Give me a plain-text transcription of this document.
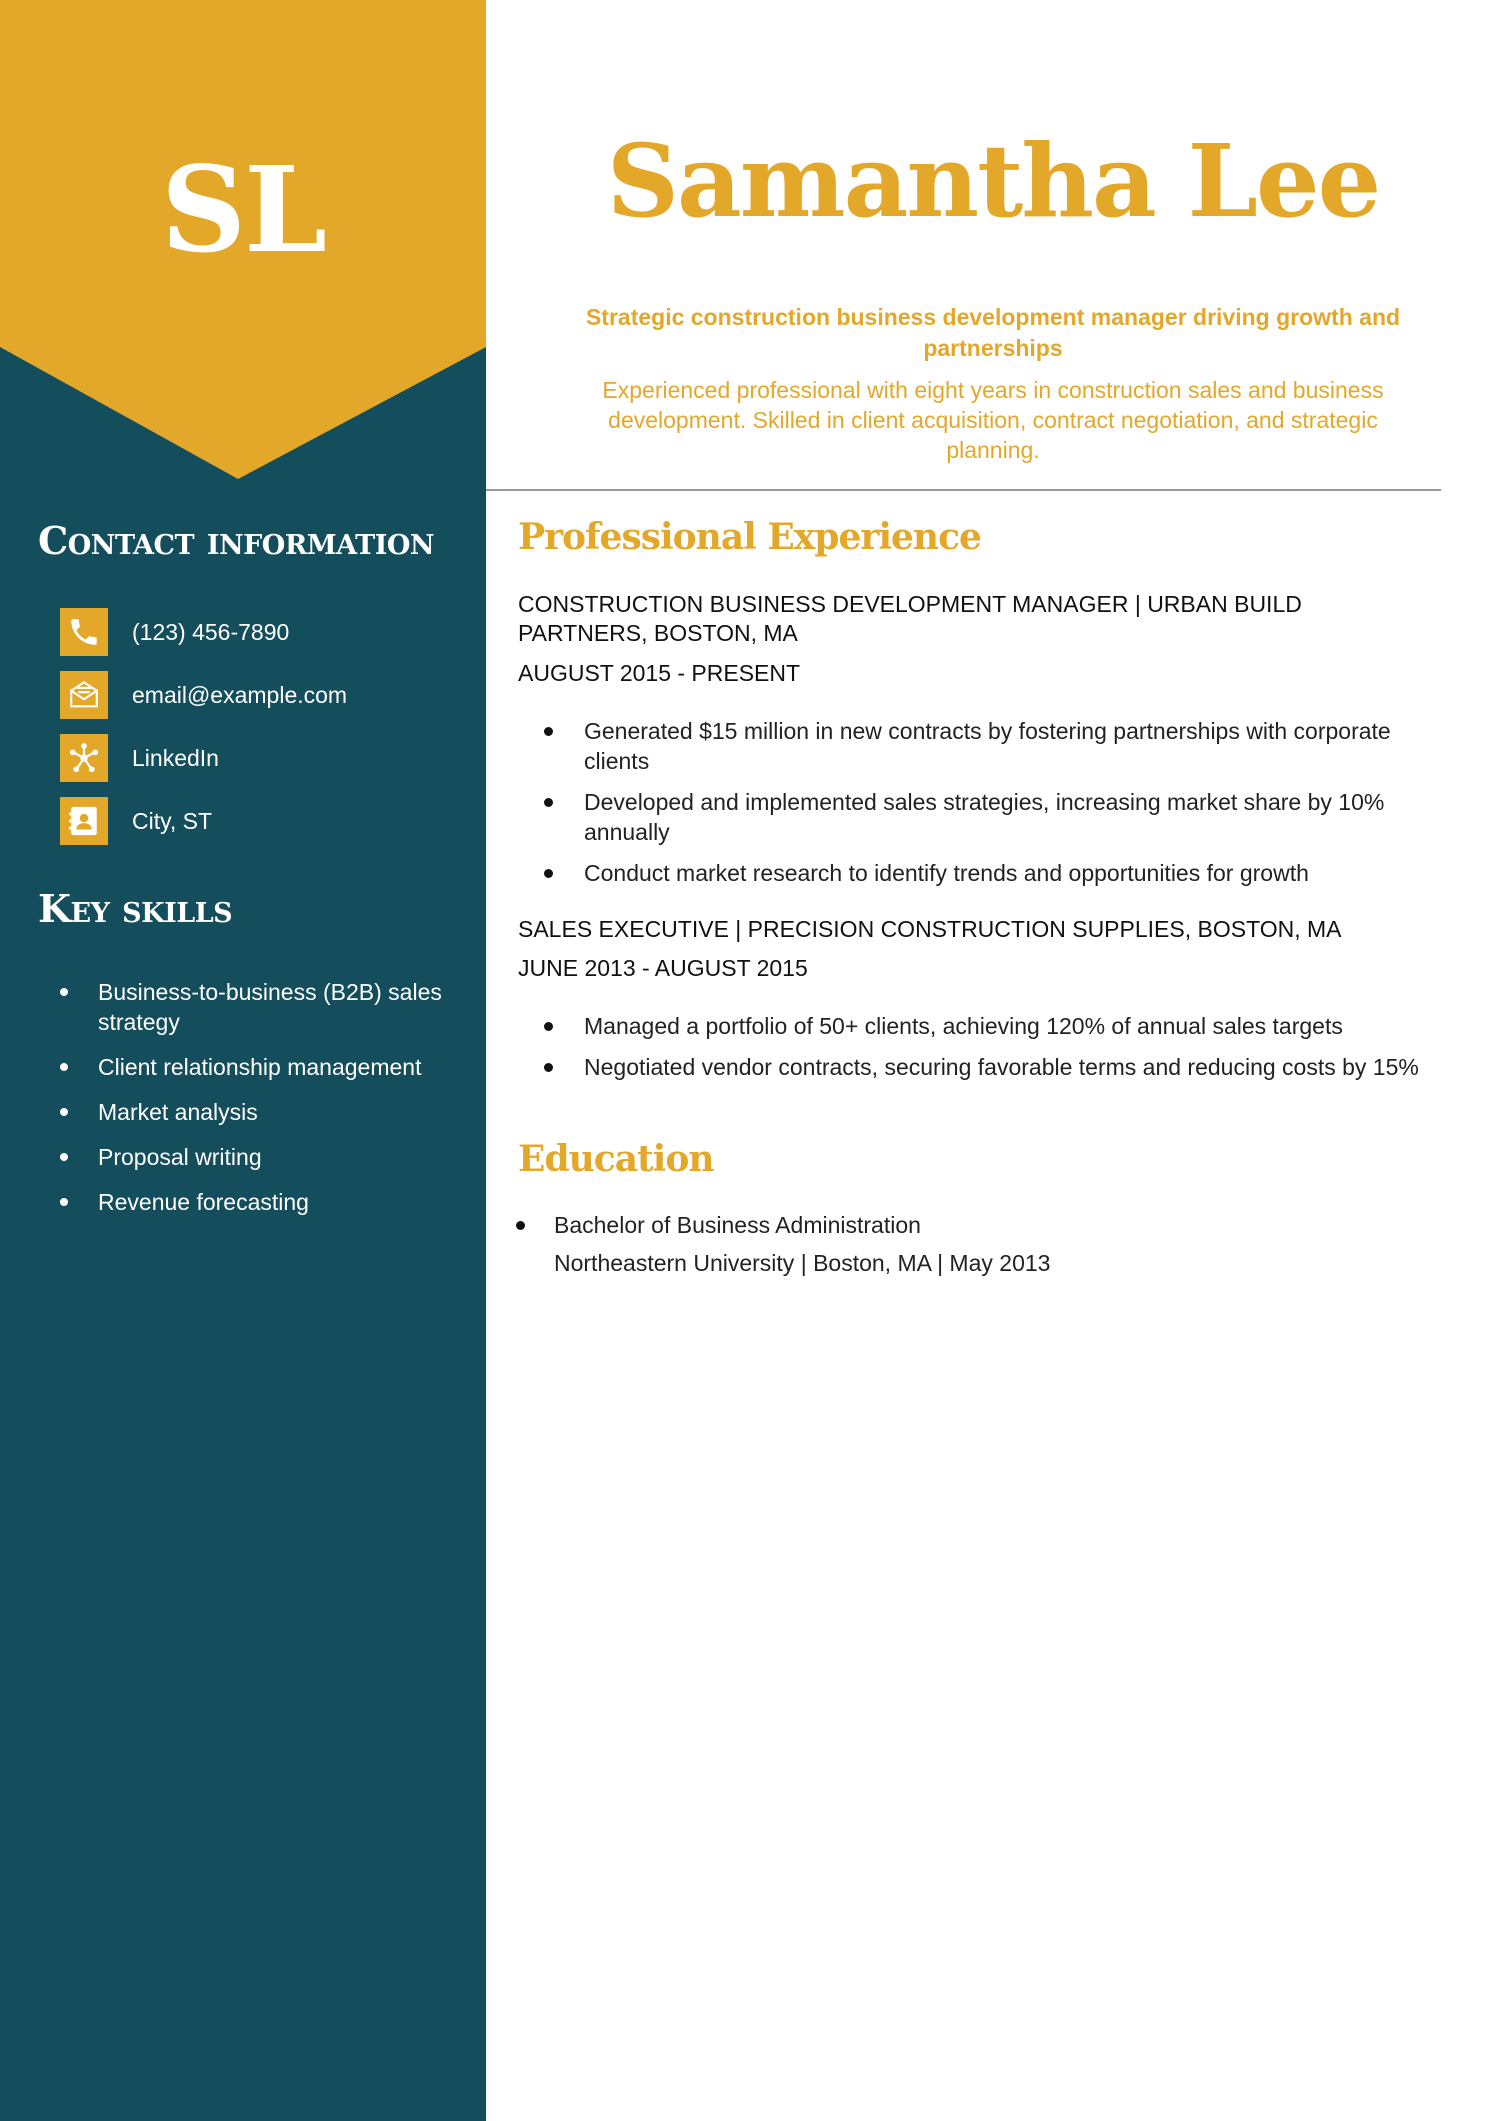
SL
Contact information
(123) 456-7890
email@example.com
LinkedIn
City, ST
Key skills
Business-to-business (B2B) sales strategy
Client relationship management
Market analysis
Proposal writing
Revenue forecasting
Samantha Lee

Strategic construction business development manager driving growth and partnerships

Experienced professional with eight years in construction sales and business development. Skilled in client acquisition, contract negotiation, and strategic planning.

Professional Experience
CONSTRUCTION BUSINESS DEVELOPMENT MANAGER | URBAN BUILD PARTNERS, BOSTON, MA
AUGUST 2015 - PRESENT
Generated $15 million in new contracts by fostering partnerships with corporate clients
Developed and implemented sales strategies, increasing market share by 10% annually
Conduct market research to identify trends and opportunities for growth
SALES EXECUTIVE | PRECISION CONSTRUCTION SUPPLIES, BOSTON, MA
JUNE 2013 - AUGUST 2015
Managed a portfolio of 50+ clients, achieving 120% of annual sales targets
Negotiated vendor contracts, securing favorable terms and reducing costs by 15%
Education
Bachelor of Business Administration
Northeastern University | Boston, MA | May 2013
